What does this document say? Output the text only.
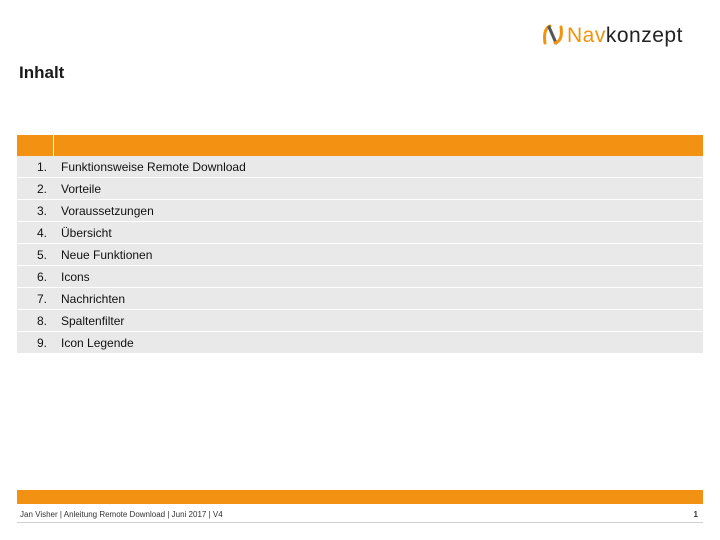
Navkonzept
Inhalt
1.	Funktionsweise Remote Download
2.	Vorteile
3.	Voraussetzungen
4.	Übersicht
5.	Neue Funktionen
6.	Icons
7.	Nachrichten
8.	Spaltenfilter
9.	Icon Legende
Jan Visher | Anleitung Remote Download | Juni 2017 | V4	1
